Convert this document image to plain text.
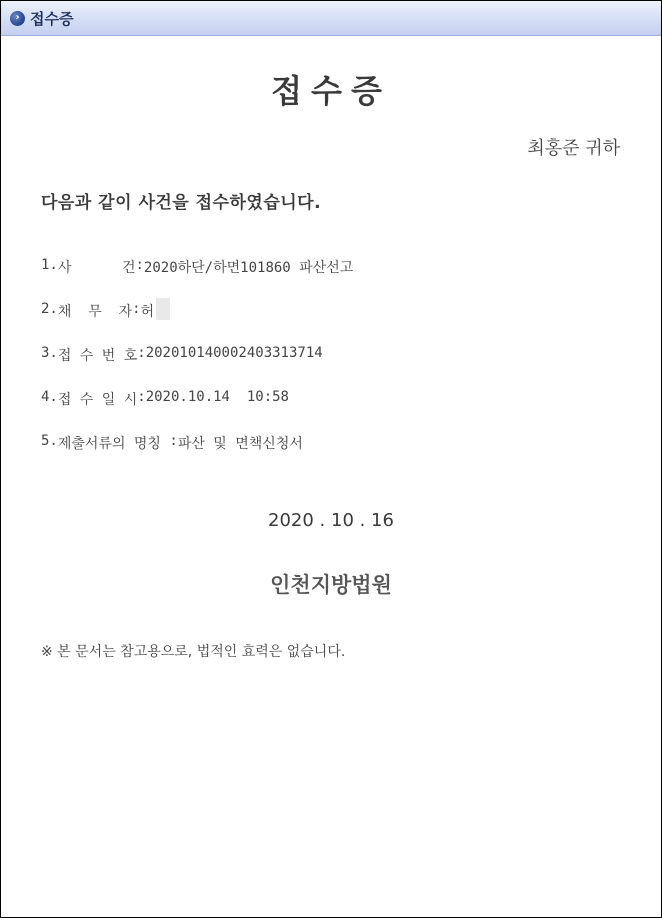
› 접수증
접수증
최홍준 귀하
다음과 같이 사건을 접수하였습니다.
1. 사      건 : 2020하단/하면101860 파산선고
2. 채  무  자 : 허
3. 접 수 번 호 : 20201014000240331371‍4
4. 접 수 일 시 : 2020.10.14  10:58
5. 제출서류의 명칭 : 파산 및 면책신청서
2020 . 10 . 16
인천지방법원
※ 본 문서는 참고용으로, 법적인 효력은 없습니다.
